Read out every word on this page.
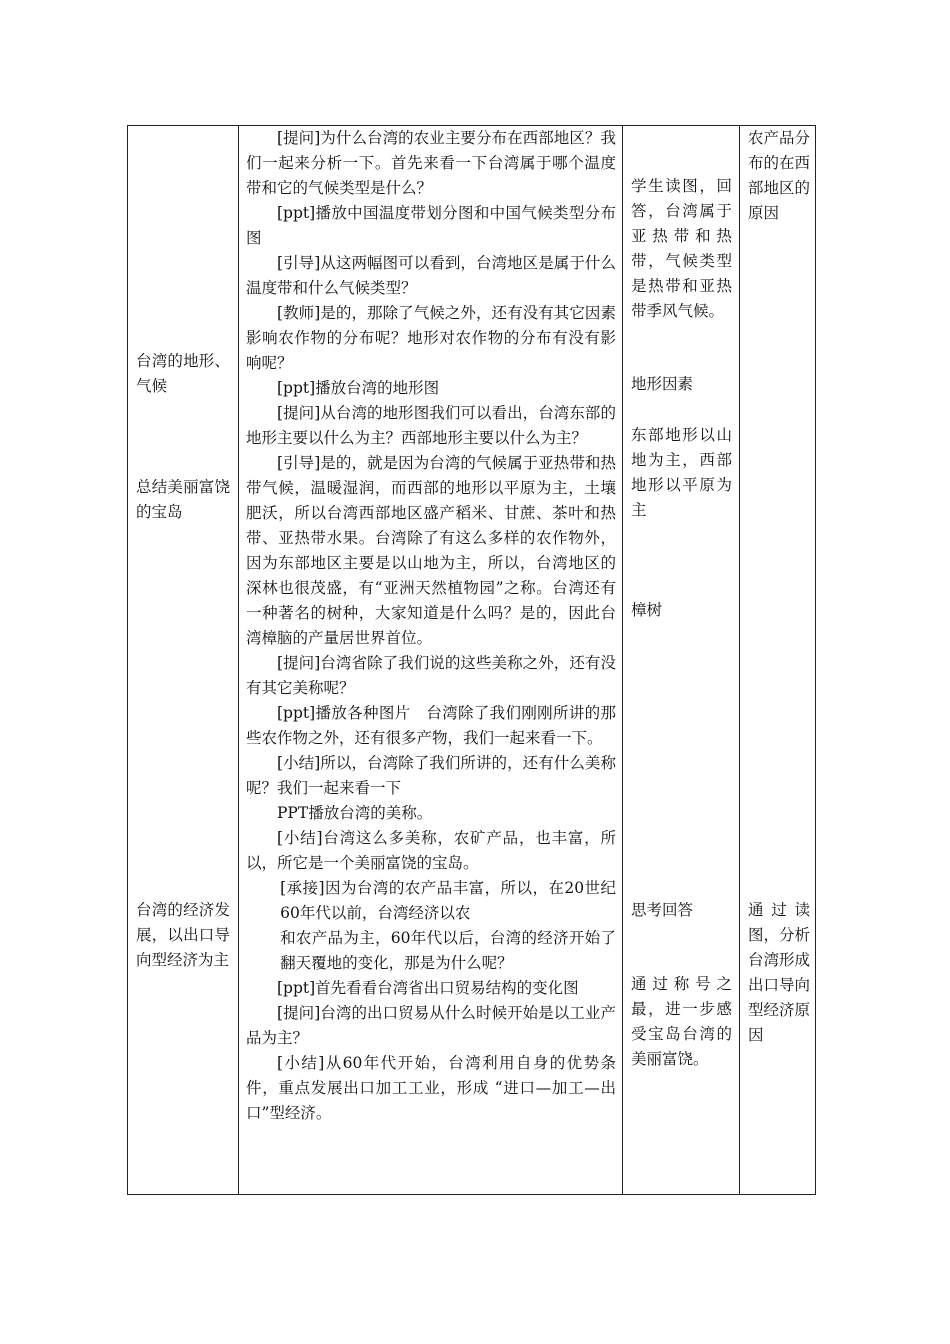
台湾的地形、气候

总结美丽富饶的宝岛

台湾的经济发展，以出口导向型经济为主

[提问]为什么台湾的农业主要分布在西部地区？我们一起来分析一下。首先来看一下台湾属于哪个温度带和它的气候类型是什么？

[ppt]播放中国温度带划分图和中国气候类型分布图

[引导]从这两幅图可以看到，台湾地区是属于什么温度带和什么气候类型？

[教师]是的，那除了气候之外，还有没有其它因素影响农作物的分布呢？地形对农作物的分布有没有影响呢？

[ppt]播放台湾的地形图

[提问]从台湾的地形图我们可以看出，台湾东部的地形主要以什么为主？西部地形主要以什么为主？

[引导]是的，就是因为台湾的气候属于亚热带和热带气候，温暖湿润，而西部的地形以平原为主，土壤肥沃，所以台湾西部地区盛产稻米、甘蔗、茶叶和热带、亚热带水果。台湾除了有这么多样的农作物外，因为东部地区主要是以山地为主，所以，台湾地区的深林也很茂盛，有“亚洲天然植物园”之称。台湾还有一种著名的树种，大家知道是什么吗？是的，因此台湾樟脑的产量居世界首位。

[提问]台湾省除了我们说的这些美称之外，还有没有其它美称呢？

[ppt]播放各种图片　台湾除了我们刚刚所讲的那些农作物之外，还有很多产物，我们一起来看一下。

[小结]所以，台湾除了我们所讲的，还有什么美称呢？我们一起来看一下

PPT播放台湾的美称。

[小结]台湾这么多美称，农矿产品，也丰富，所以，所它是一个美丽富饶的宝岛。

[承接]因为台湾的农产品丰富，所以，在20世纪60年代以前，台湾经济以农

和农产品为主，60年代以后，台湾的经济开始了翻天覆地的变化，那是为什么呢？

[ppt]首先看看台湾省出口贸易结构的变化图

[提问]台湾的出口贸易从什么时候开始是以工业产品为主？

[小结]从60年代开始，台湾利用自身的优势条件，重点发展出口加工工业，形成 “进口—加工—出口”型经济。

学生读图，回答，台湾属于亚热带和热带，气候类型是热带和亚热带季风气候。

地形因素

东部地形以山地为主，西部地形以平原为主

樟树

思考回答

通过称号之最，进一步感受宝岛台湾的美丽富饶。

农产品分布的在西部地区的原因

通过读图，分析台湾形成出口导向型经济原因
